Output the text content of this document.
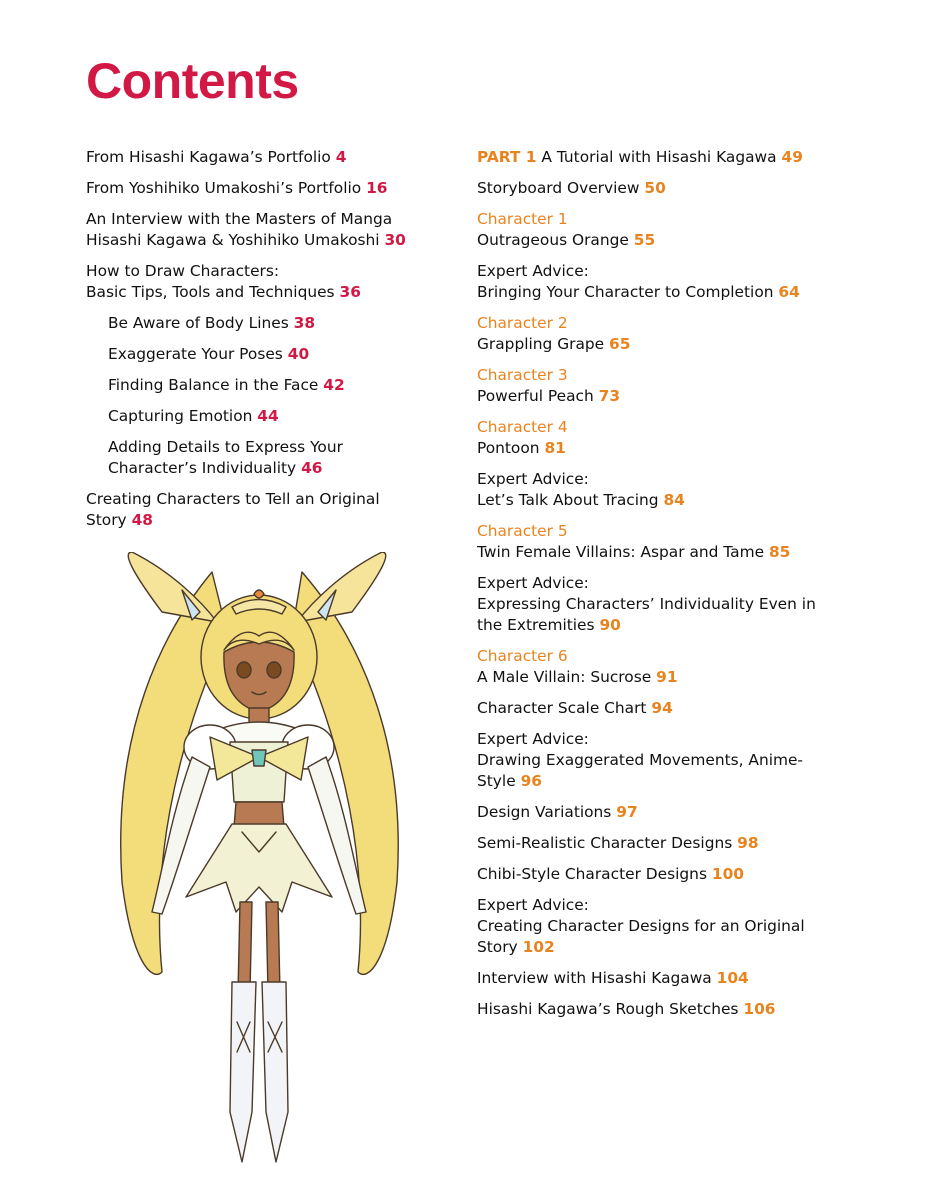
Contents
From Hisashi Kagawa’s Portfolio 4
From Yoshihiko Umakoshi’s Portfolio 16
An Interview with the Masters of Manga
Hisashi Kagawa & Yoshihiko Umakoshi 30
How to Draw Characters:
Basic Tips, Tools and Techniques 36
Be Aware of Body Lines 38
Exaggerate Your Poses 40
Finding Balance in the Face 42
Capturing Emotion 44
Adding Details to Express Your
Character’s Individuality 46
Creating Characters to Tell an Original
Story 48
PART 1 A Tutorial with Hisashi Kagawa 49
Storyboard Overview 50
Character 1
Outrageous Orange 55
Expert Advice:
Bringing Your Character to Completion 64
Character 2
Grappling Grape 65
Character 3
Powerful Peach 73
Character 4
Pontoon 81
Expert Advice:
Let’s Talk About Tracing 84
Character 5
Twin Female Villains: Aspar and Tame 85
Expert Advice:
Expressing Characters’ Individuality Even in
the Extremities 90
Character 6
A Male Villain: Sucrose 91
Character Scale Chart 94
Expert Advice:
Drawing Exaggerated Movements, Anime-
Style 96
Design Variations 97
Semi-Realistic Character Designs 98
Chibi-Style Character Designs 100
Expert Advice:
Creating Character Designs for an Original
Story 102
Interview with Hisashi Kagawa 104
Hisashi Kagawa’s Rough Sketches 106
